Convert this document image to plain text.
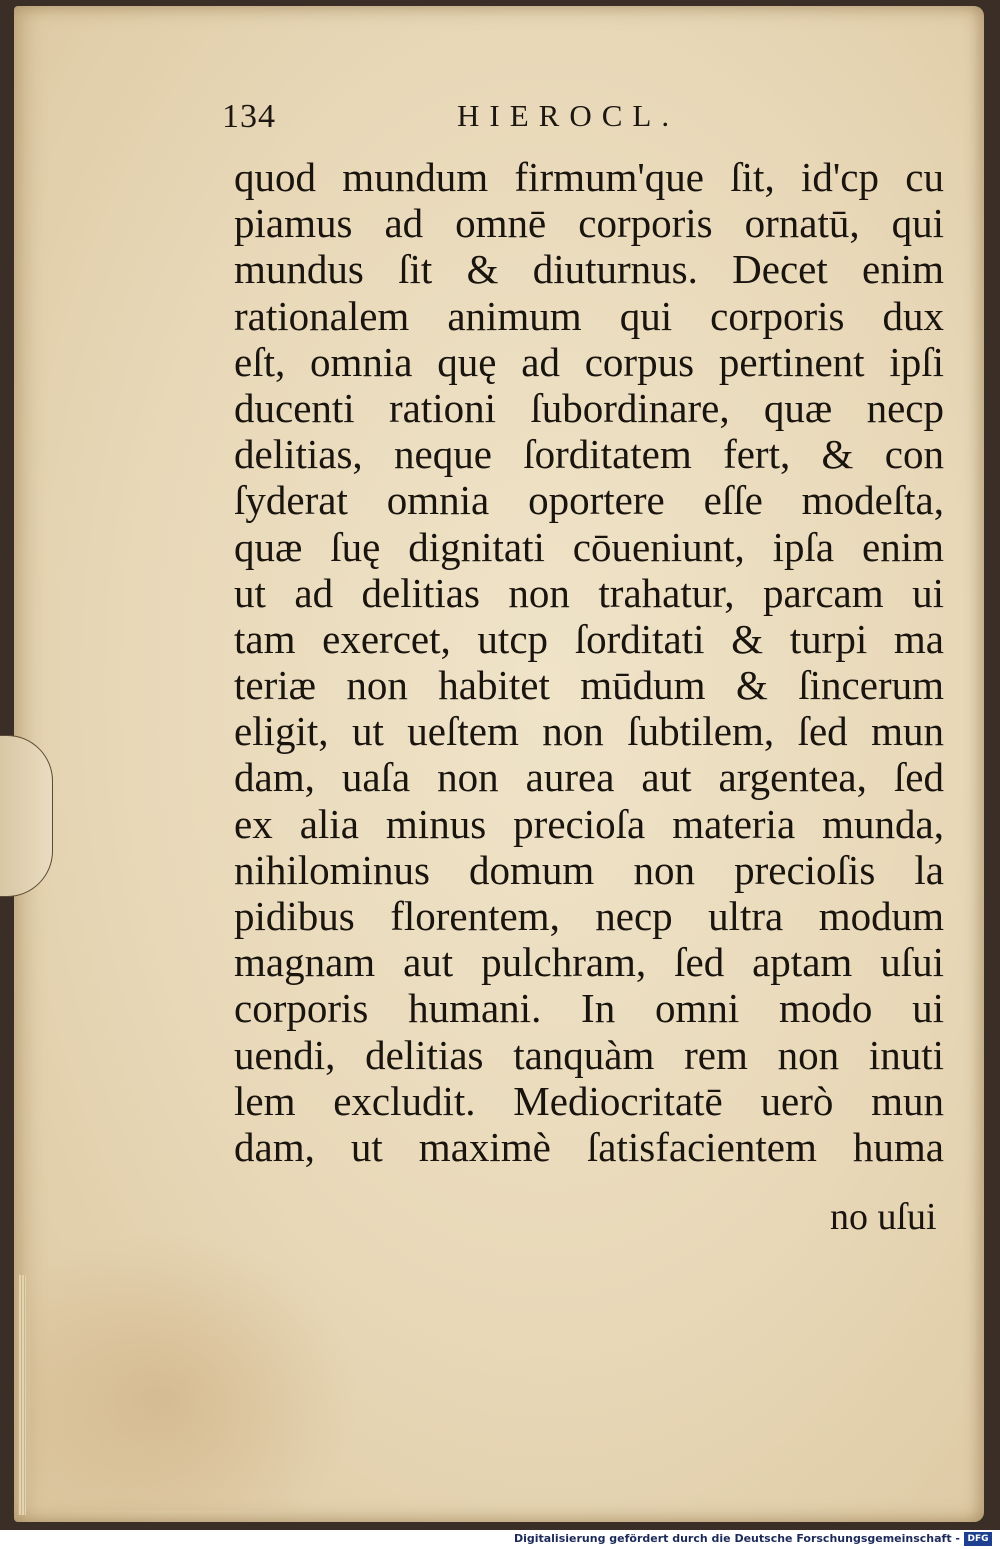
134	HIEROCL.
quod mundum firmum'que ſit, id'cp cu
piamus ad omnē corporis ornatū, qui
mundus ſit & diuturnus. Decet enim
rationalem animum qui corporis dux
eſt, omnia quę ad corpus pertinent ipſi
ducenti rationi ſubordinare, quæ necp
delitias, neque ſorditatem fert, & con
ſyderat omnia oportere eſſe modeſta,
quæ ſuę dignitati cōueniunt, ipſa enim
ut ad delitias non trahatur, parcam ui
tam exercet, utcp ſorditati & turpi ma
teriæ non habitet mūdum & ſincerum
eligit, ut ueſtem non ſubtilem, ſed mun
dam, uaſa non aurea aut argentea, ſed
ex alia minus precioſa materia munda,
nihilominus domum non precioſis la
pidibus florentem, necp ultra modum
magnam aut pulchram, ſed aptam uſui
corporis humani. In omni modo ui
uendi, delitias tanquàm rem non inuti
lem excludit. Mediocritatē uerò mun
dam, ut maximè ſatisfacientem huma
no uſui
Digitalisierung gefördert durch die Deutsche Forschungsgemeinschaft - DFG
